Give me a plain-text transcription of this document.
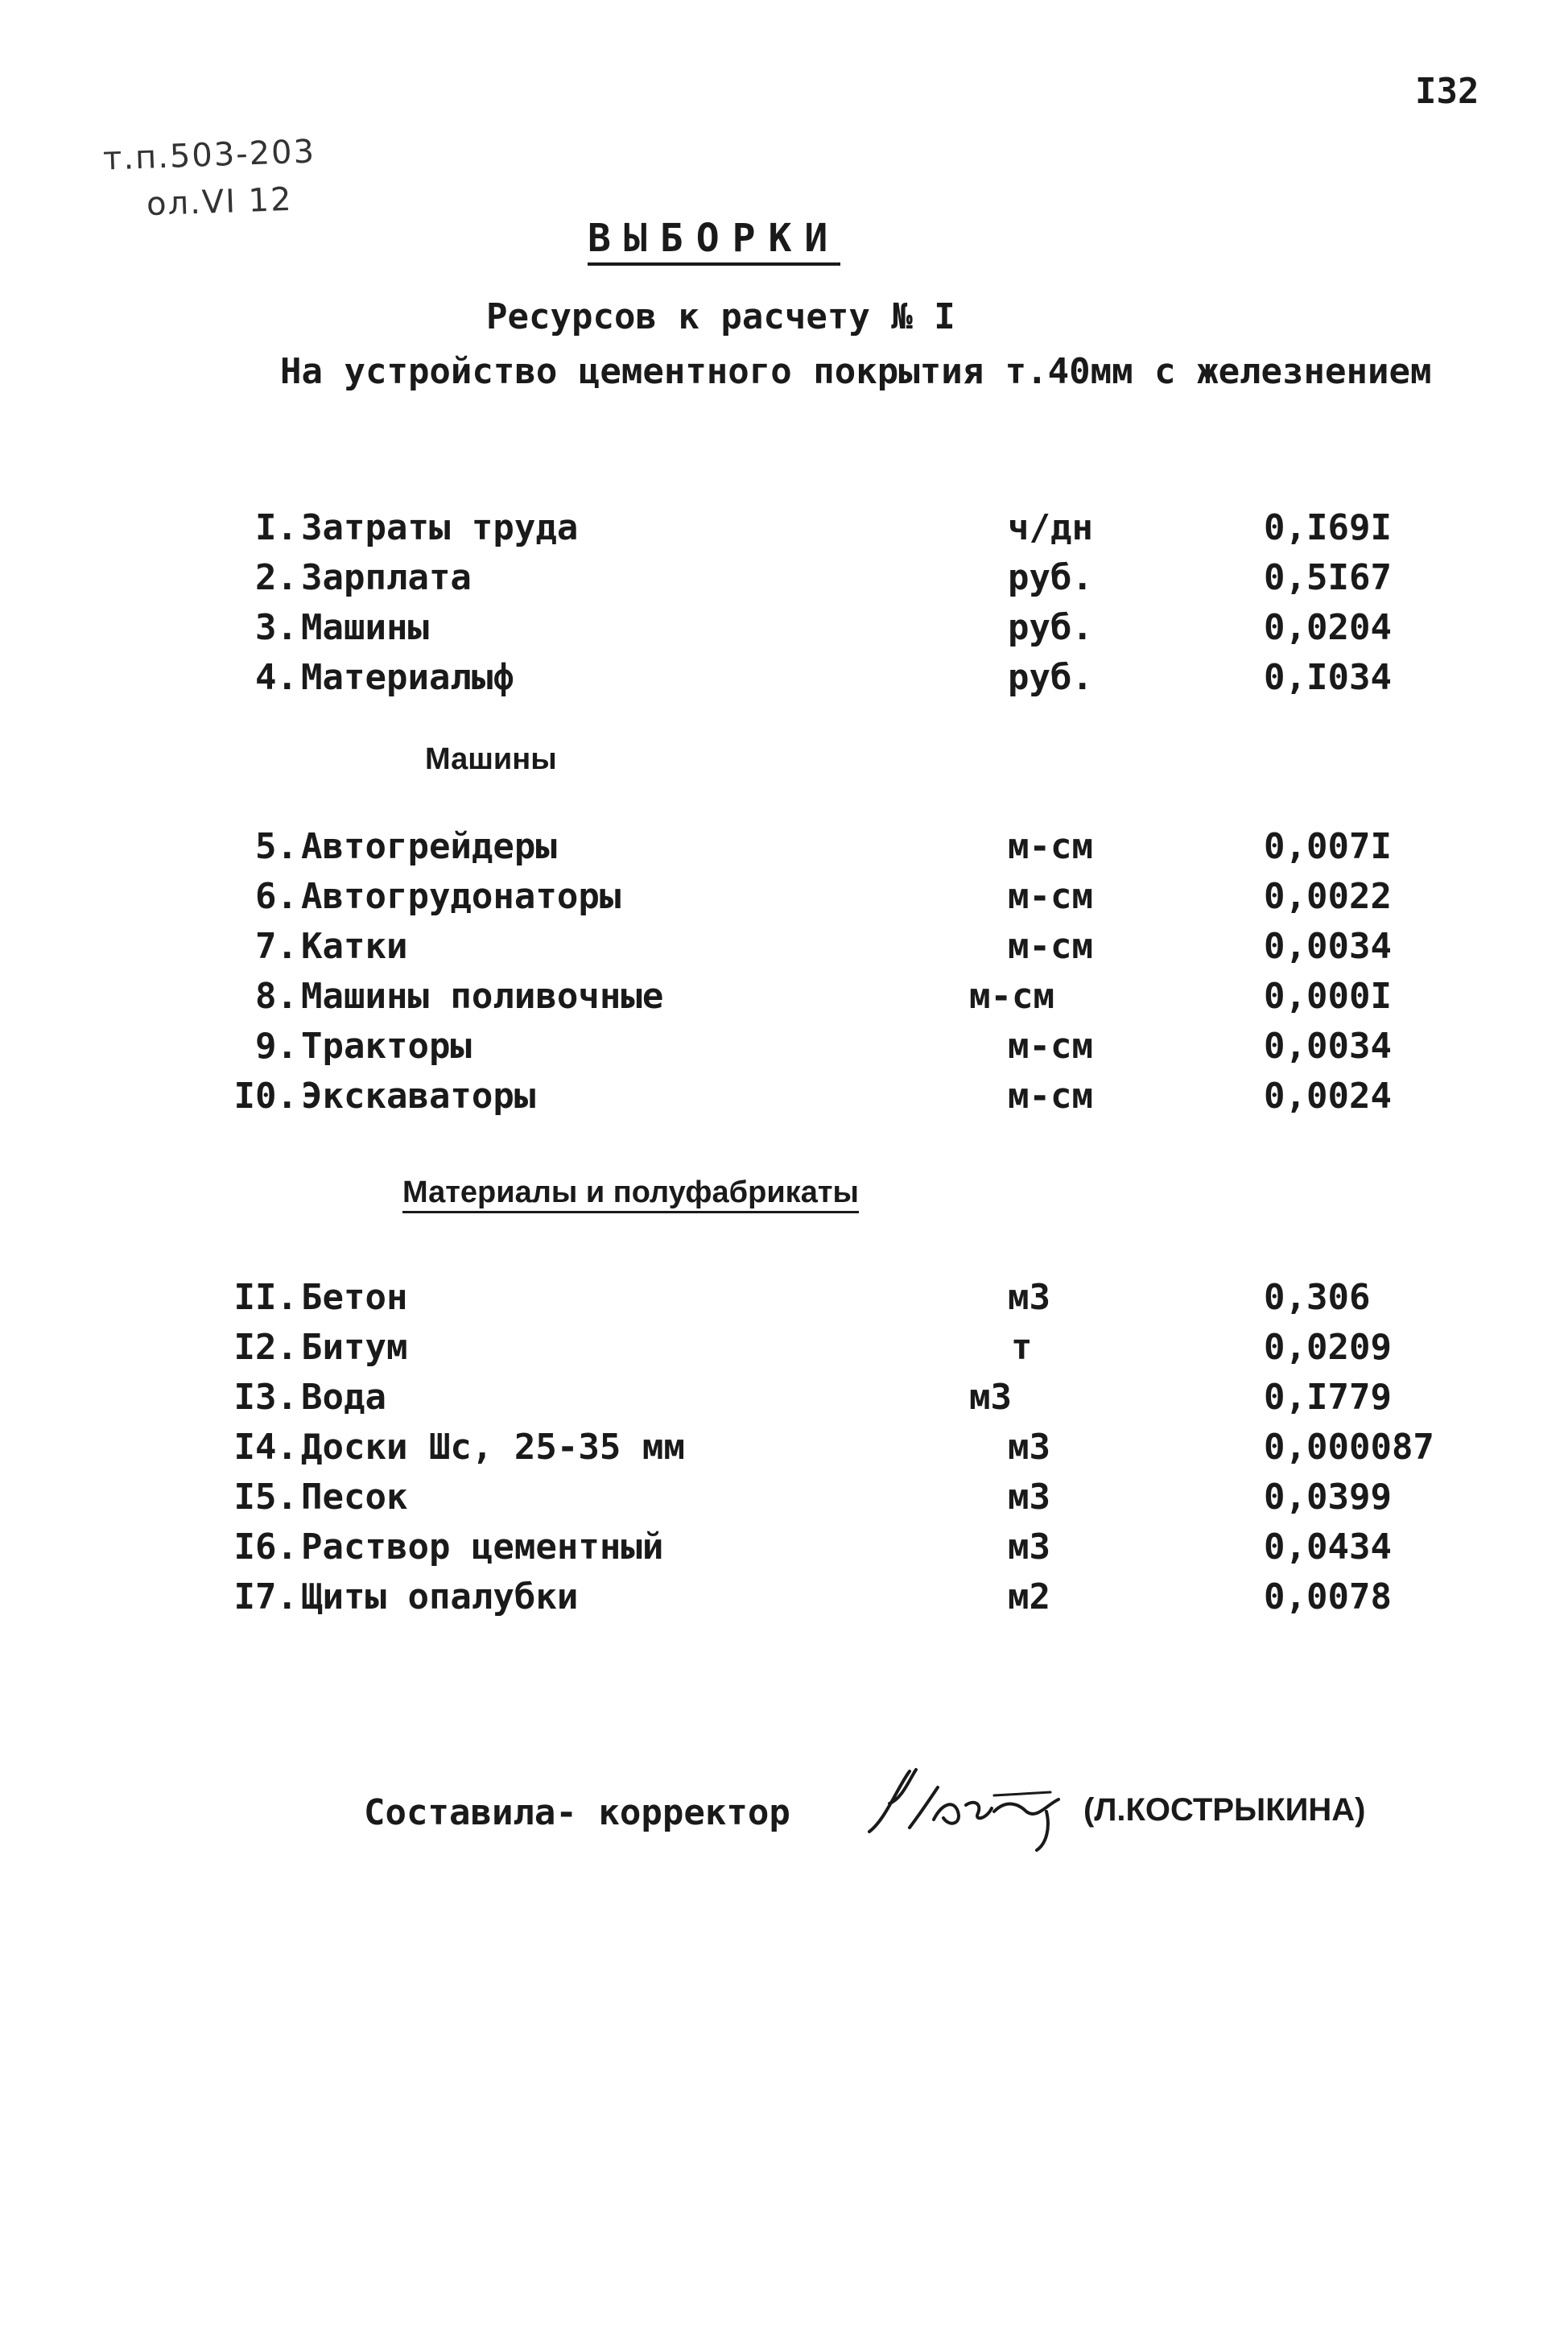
I32
т.п.503-203
ол.VI 12
ВЫБОРКИ
Ресурсов к расчету № I
На устройство цементного покрытия т.40мм с железнением
I. Затраты труда	ч/дн	0,I69I
2. Зарплата	руб.	0,5I67
3. Машины	руб.	0,0204
4. Материалыф	руб.	0,I034
Машины
5. Автогрейдеры	м-см	0,007I
6. Автогрудонаторы	м-см	0,0022
7. Катки	м-см	0,0034
8. Машины поливочные	м-см	0,000I
9. Тракторы	м-см	0,0034
I0. Экскаваторы	м-см	0,0024
Материалы и полуфабрикаты
II. Бетон	м3	0,306
I2. Битум	т	0,0209
I3. Вода	м3	0,I779
I4. Доски Шс, 25-35 мм	м3	0,000087
I5. Песок	м3	0,0399
I6. Раствор цементный	м3	0,0434
I7. Щиты опалубки	м2	0,0078
Составила- корректор	(Л.КОСТРЫКИНА)
